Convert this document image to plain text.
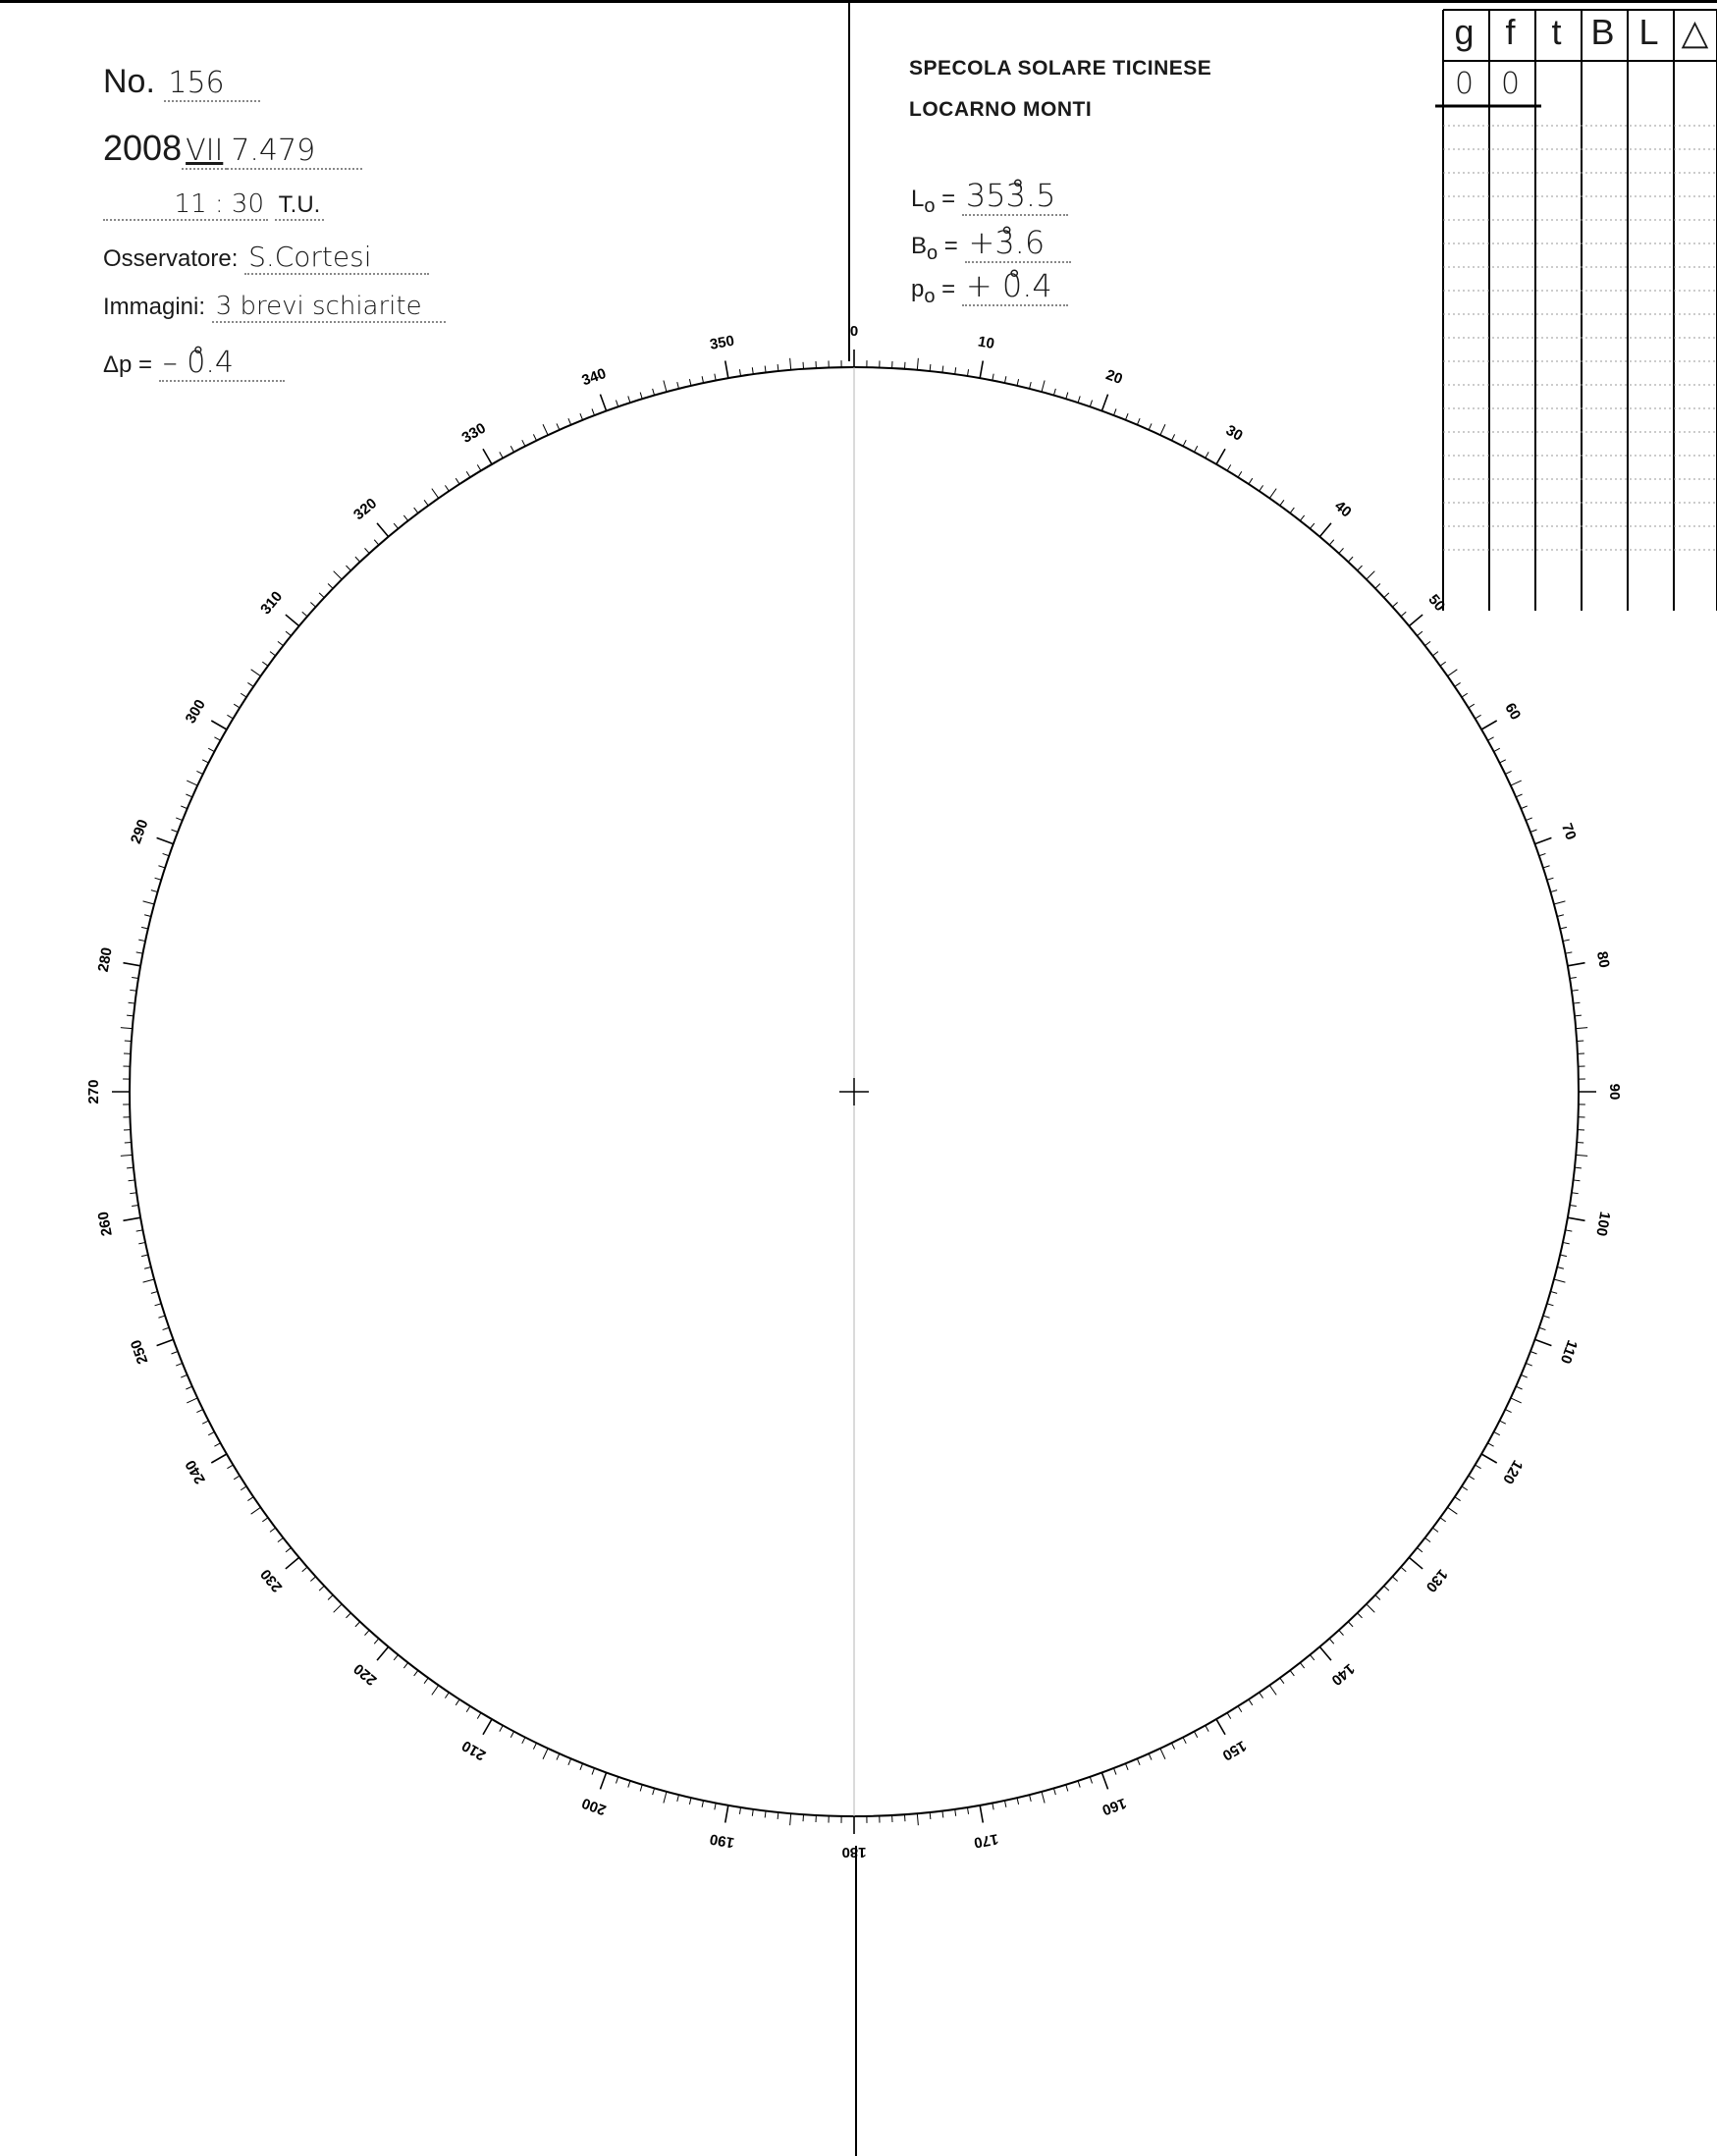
No. 156
2008 VII 7.479
11 : 30 T.U.
Osservatore: S.Cortesi
Immagini: 3 brevi schiarite
Δp = – 0̊.4
SPECOLA SOLARE TICINESE
LOCARNO MONTI
$L_o$ = 353̊.5
$B_o$ = +3̊.6
$p_o$ = + 0̊.4
g f	t B L △
0 0
0
10
20
30
40
50
60
70
80
90
100
110
120
130
140
150
160
170
180
190
200
210
220
230
240
250
260
270
280
290
300
310
320
330
340
350
